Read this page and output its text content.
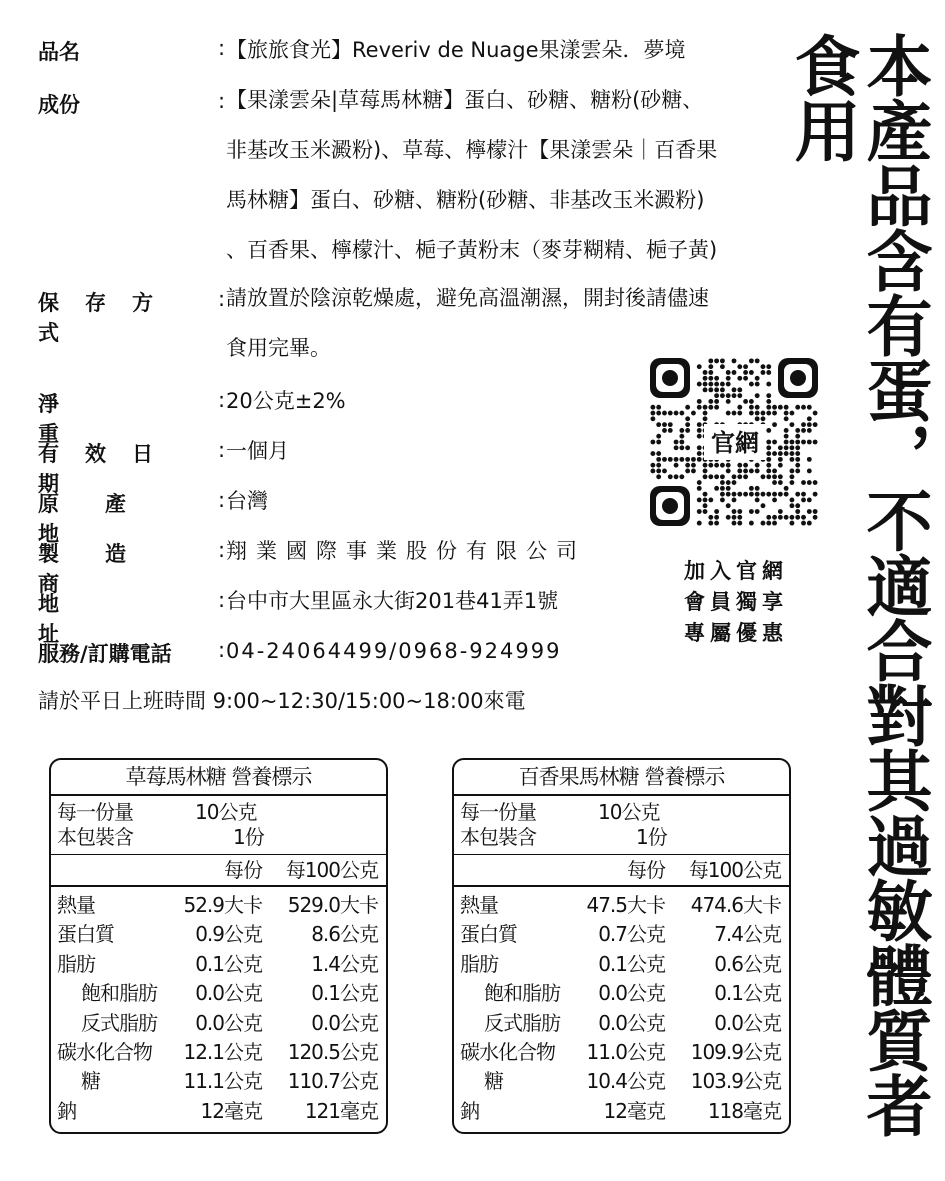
品名	: 【旅旅食光】Reveriv de Nuage果漾雲朵．夢境
成份	: 【果漾雲朵|草莓馬林糖】蛋白、砂糖、糖粉(砂糖、
非基改玉米澱粉)、草莓、檸檬汁【果漾雲朵｜百香果
馬林糖】蛋白、砂糖、糖粉(砂糖、非基改玉米澱粉)
、百香果、檸檬汁、梔子黃粉末（麥芽糊精、梔子黃)
保存方式
: 請放置於陰涼乾燥處，避免高溫潮濕，開封後請儘速
食用完畢。
淨重
: 20公克±2%
有效日期
: 一個月
原產地
: 台灣
製造商
: 翔業國際事業股份有限公司
地址
: 台中市大里區永大街201巷41弄1號
服務/訂購電話 : 04-24064499/0968-924999
請於平日上班時間 9:00~12:30/15:00~18:00來電
官網
加入官網
會員獨享
專屬優惠	本產品含有蛋，不適合對其過敏體質者食用
草莓馬林糖 營養標示
每一份量	10公克
本包裝含	1份
每份 每100公克
熱量	52.9大卡 529.0大卡
蛋白質	0.9公克 8.6公克
脂肪	0.1公克 1.4公克
飽和脂肪 0.0公克 0.1公克
反式脂肪 0.0公克 0.0公克
碳水化合物 12.1公克 120.5公克
糖	11.1公克 110.7公克
鈉	12毫克 121毫克
百香果馬林糖 營養標示
每一份量	10公克
本包裝含	1份
每份 每100公克
熱量	47.5大卡 474.6大卡
蛋白質	0.7公克 7.4公克
脂肪	0.1公克 0.6公克
飽和脂肪 0.0公克 0.1公克
反式脂肪 0.0公克 0.0公克
碳水化合物 11.0公克 109.9公克
糖	10.4公克 103.9公克
鈉	12毫克 118毫克
